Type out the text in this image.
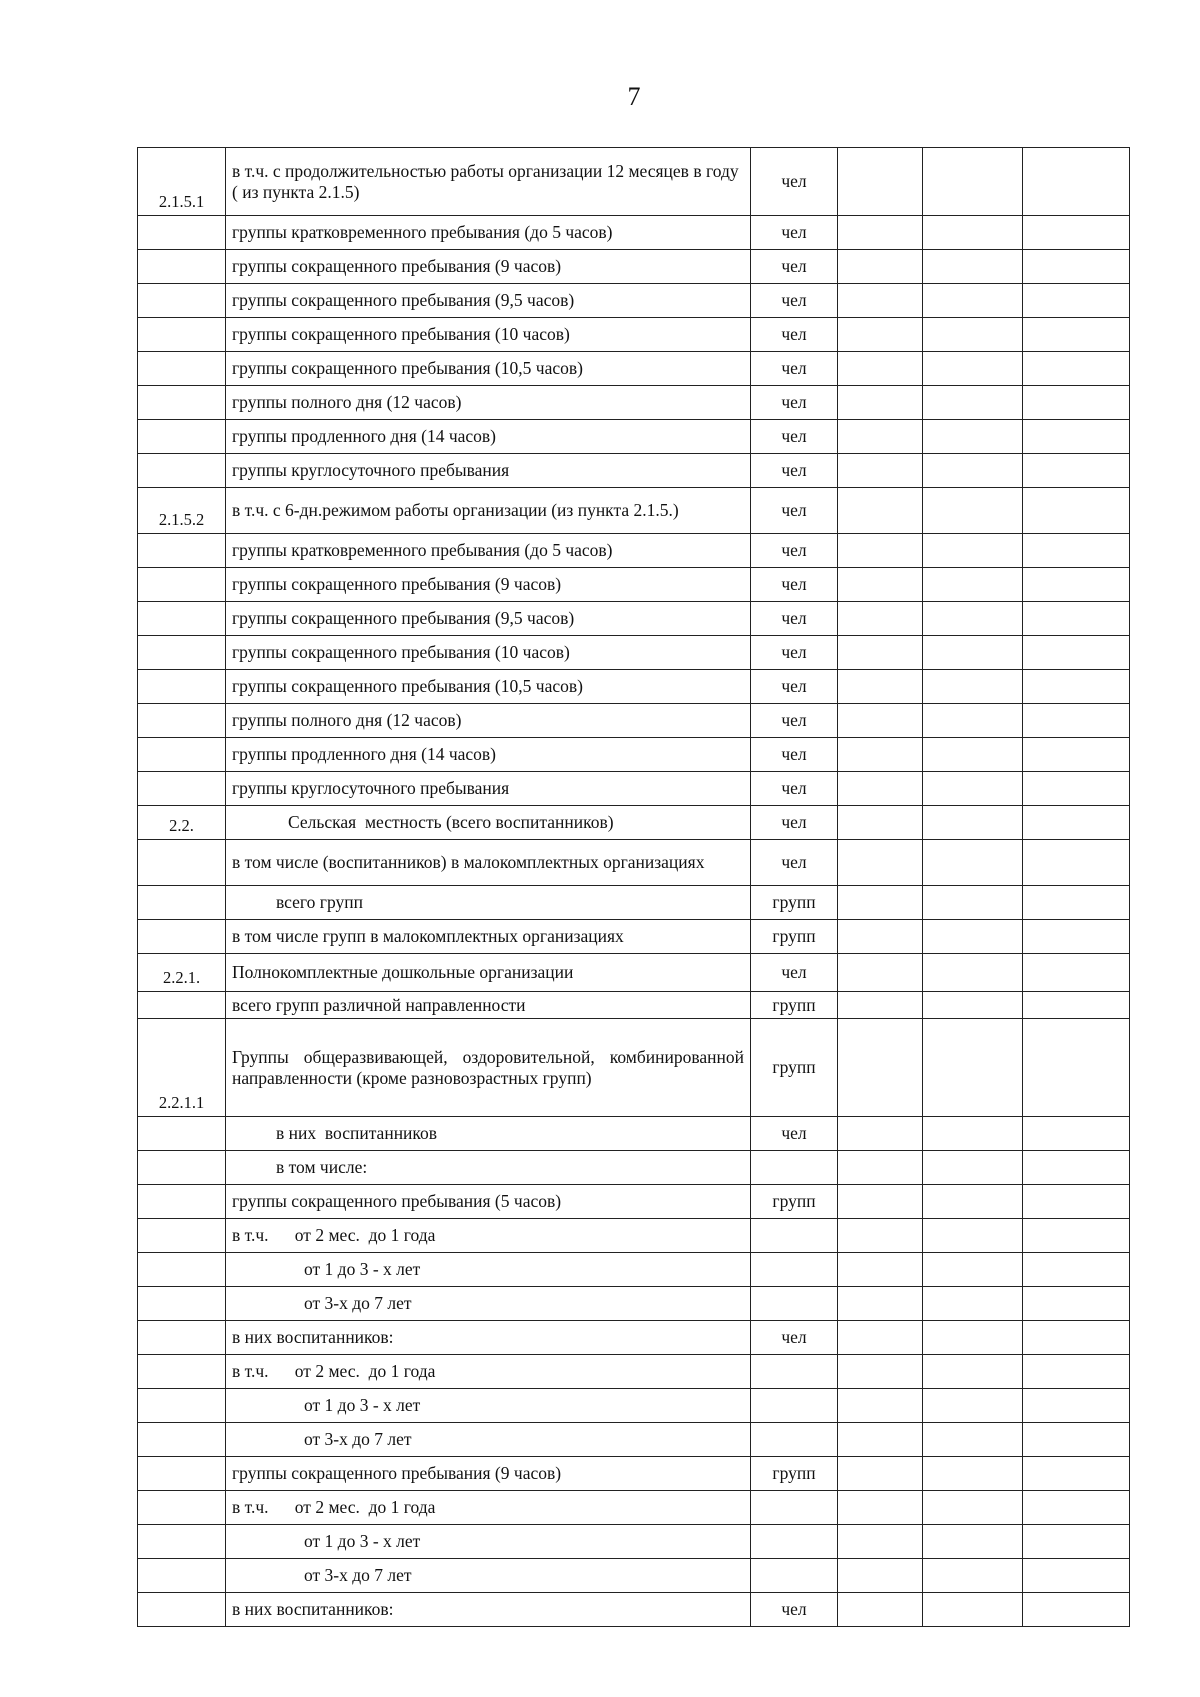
7
2.1.5.1	в т.ч. с продолжительностью работы организации 12 месяцев в году  ( из пункта 2.1.5)	чел			
	группы кратковременного пребывания (до 5 часов)	чел			
	группы сокращенного пребывания (9 часов)	чел			
	группы сокращенного пребывания (9,5 часов)	чел			
	группы сокращенного пребывания (10 часов)	чел			
	группы сокращенного пребывания (10,5 часов)	чел			
	группы полного дня (12 часов)	чел			
	группы продленного дня (14 часов)	чел			
	группы круглосуточного пребывания	чел			
2.1.5.2	в т.ч. с 6-дн.режимом работы организации (из пункта 2.1.5.)	чел			
	группы кратковременного пребывания (до 5 часов)	чел			
	группы сокращенного пребывания (9 часов)	чел			
	группы сокращенного пребывания (9,5 часов)	чел			
	группы сокращенного пребывания (10 часов)	чел			
	группы сокращенного пребывания (10,5 часов)	чел			
	группы полного дня (12 часов)	чел			
	группы продленного дня (14 часов)	чел			
	группы круглосуточного пребывания	чел			
2.2.	Сельская  местность (всего воспитанников)	чел			
	в том числе (воспитанников) в малокомплектных организациях	чел			
	всего групп	групп			
	в том числе групп в малокомплектных организациях	групп			
2.2.1.	Полнокомплектные дошкольные организации	чел			
	всего групп различной направленности	групп			
2.2.1.1	Группы общеразвивающей, оздоровительной, комбинированной направленности (кроме разновозрастных групп)	групп			
	в них  воспитанников	чел			
	в том числе:				
	группы сокращенного пребывания (5 часов)	групп			
	в т.ч.      от 2 мес.  до 1 года				
	от 1 до 3 - х лет				
	от 3-х до 7 лет				
	в них воспитанников:	чел			
	в т.ч.      от 2 мес.  до 1 года				
	от 1 до 3 - х лет				
	от 3-х до 7 лет				
	группы сокращенного пребывания (9 часов)	групп			
	в т.ч.      от 2 мес.  до 1 года				
	от 1 до 3 - х лет				
	от 3-х до 7 лет				
	в них воспитанников:	чел			
